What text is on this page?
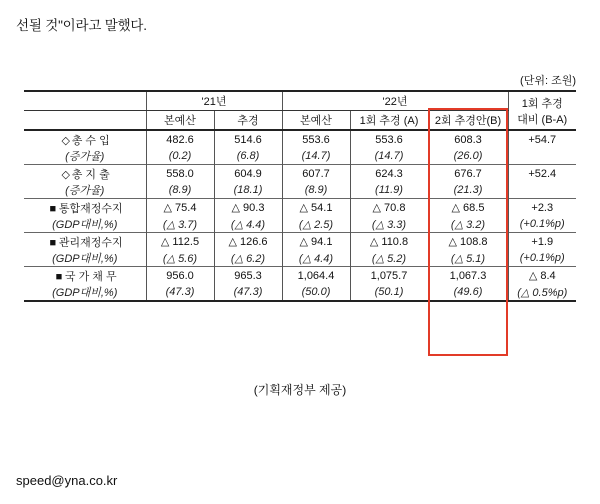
선될 것"이라고 말했다.
(단위: 조원)
	'21년		'22년			1회 추경
대비 (B-A)

	본예산	추경	본예산	1회 추경 (A)	2회 추경안(B)	
◇ 총 수 입	482.6	514.6	553.6	553.6	608.3	+54.7
(증가율)	(0.2)	(6.8)	(14.7)	(14.7)	(26.0)	
◇ 총 지 출	558.0	604.9	607.7	624.3	676.7	+52.4
(증가율)	(8.9)	(18.1)	(8.9)	(11.9)	(21.3)	
■ 통합재정수지	△ 75.4	△ 90.3	△ 54.1	△ 70.8	△ 68.5	+2.3
(GDP대비,%)	(△ 3.7)	(△ 4.4)	(△ 2.5)	(△ 3.3)	(△ 3.2)	(+0.1%p)
■ 관리재정수지	△ 112.5	△ 126.6	△ 94.1	△ 110.8	△ 108.8	+1.9
(GDP대비,%)	(△ 5.6)	(△ 6.2)	(△ 4.4)	(△ 5.2)	(△ 5.1)	(+0.1%p)
■ 국 가 채 무	956.0	965.3	1,064.4	1,075.7	1,067.3	△ 8.4
(GDP대비,%)	(47.3)	(47.3)	(50.0)	(50.1)	(49.6)	(△ 0.5%p)
(기획재정부 제공)
speed@yna.co.kr
